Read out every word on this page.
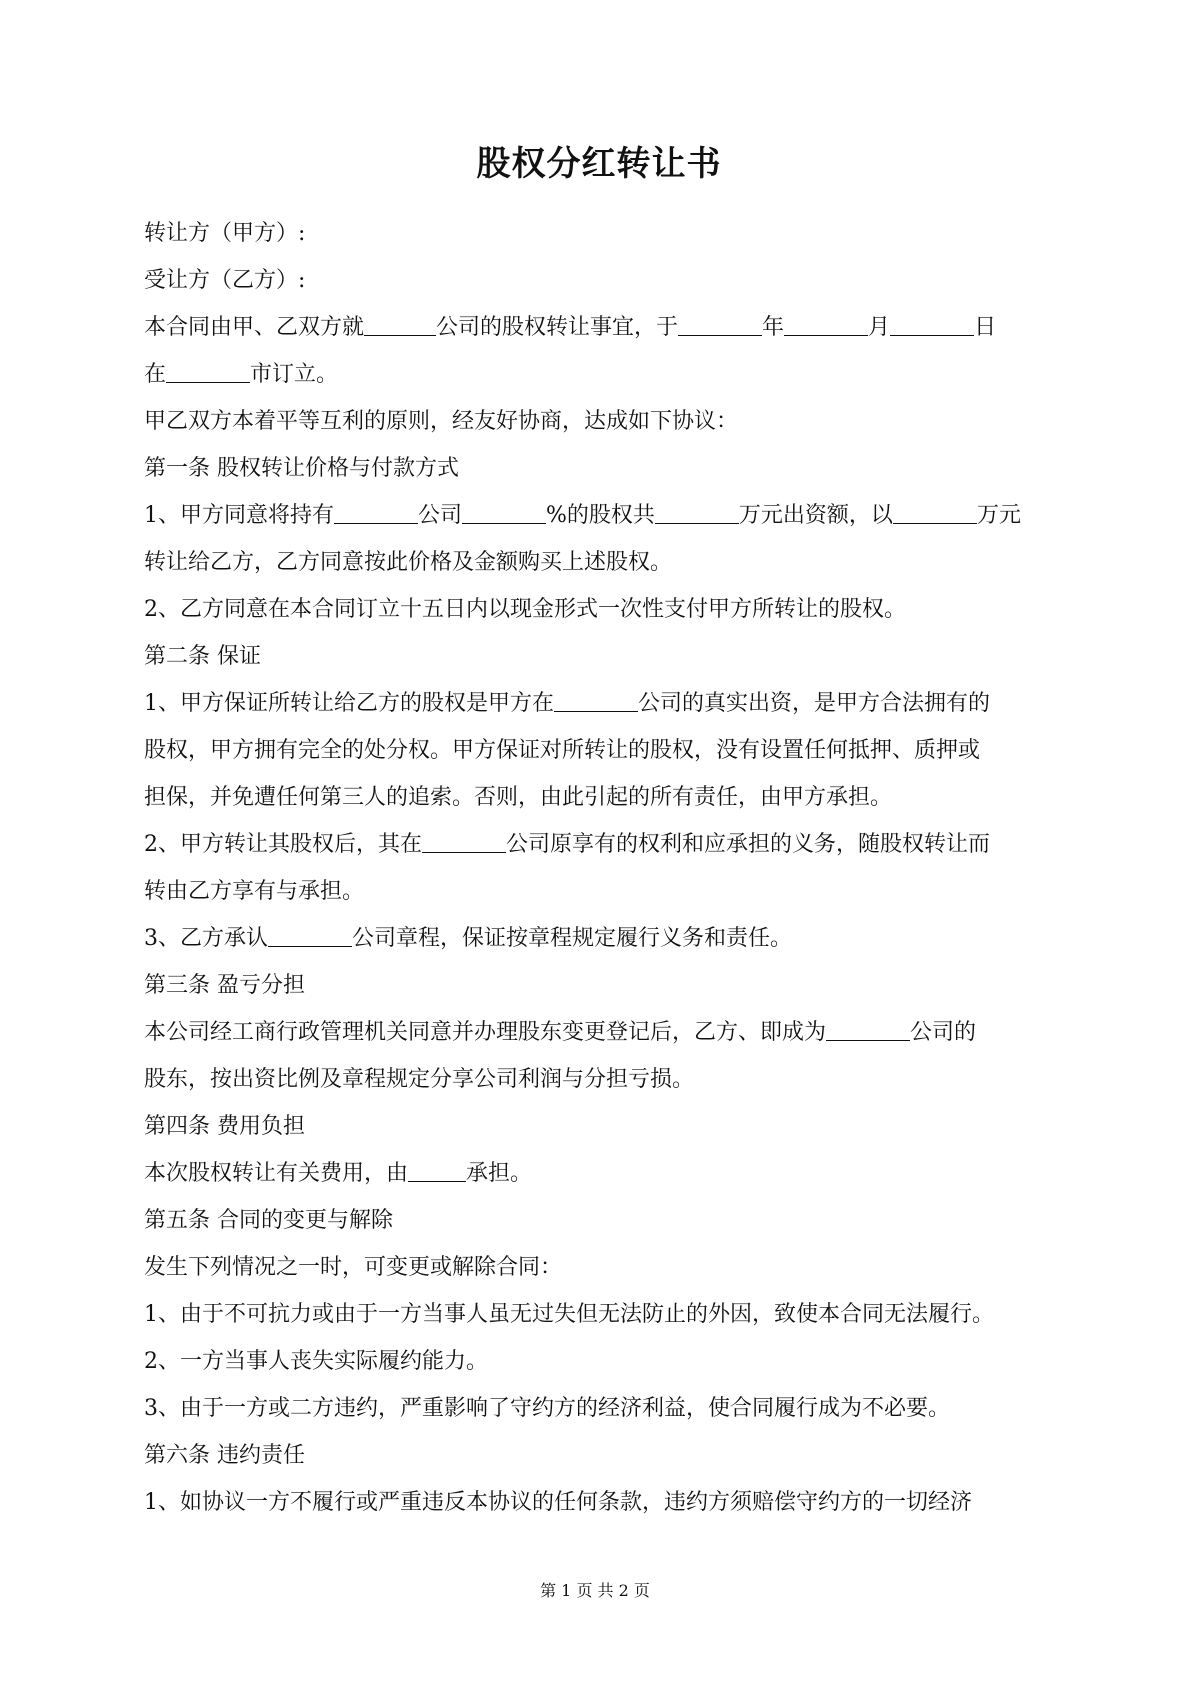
股权分红转让书

转让方（甲方）:

受让方（乙方）:

本合同由甲、乙双方就	公司的股权转让事宜，于	年	月	日

在	市订立。

甲乙双方本着平等互利的原则，经友好协商，达成如下协议：

第一条 股权转让价格与付款方式

1、甲方同意将持有	公司	%的股权共	万元出资额，以	万元

转让给乙方，乙方同意按此价格及金额购买上述股权。

2、乙方同意在本合同订立十五日内以现金形式一次性支付甲方所转让的股权。

第二条 保证

1、甲方保证所转让给乙方的股权是甲方在	公司的真实出资，是甲方合法拥有的

股权，甲方拥有完全的处分权。甲方保证对所转让的股权，没有设置任何抵押、质押或

担保，并免遭任何第三人的追索。否则，由此引起的所有责任，由甲方承担。

2、甲方转让其股权后，其在	公司原享有的权利和应承担的义务，随股权转让而

转由乙方享有与承担。

3、乙方承认	公司章程，保证按章程规定履行义务和责任。

第三条 盈亏分担

本公司经工商行政管理机关同意并办理股东变更登记后，乙方、即成为	公司的

股东，按出资比例及章程规定分享公司利润与分担亏损。

第四条 费用负担

本次股权转让有关费用，由	承担。

第五条 合同的变更与解除

发生下列情况之一时，可变更或解除合同：

1、由于不可抗力或由于一方当事人虽无过失但无法防止的外因，致使本合同无法履行。

2、一方当事人丧失实际履约能力。

3、由于一方或二方违约，严重影响了守约方的经济利益，使合同履行成为不必要。

第六条 违约责任

1、如协议一方不履行或严重违反本协议的任何条款，违约方须赔偿守约方的一切经济

第 1 页 共 2 页
